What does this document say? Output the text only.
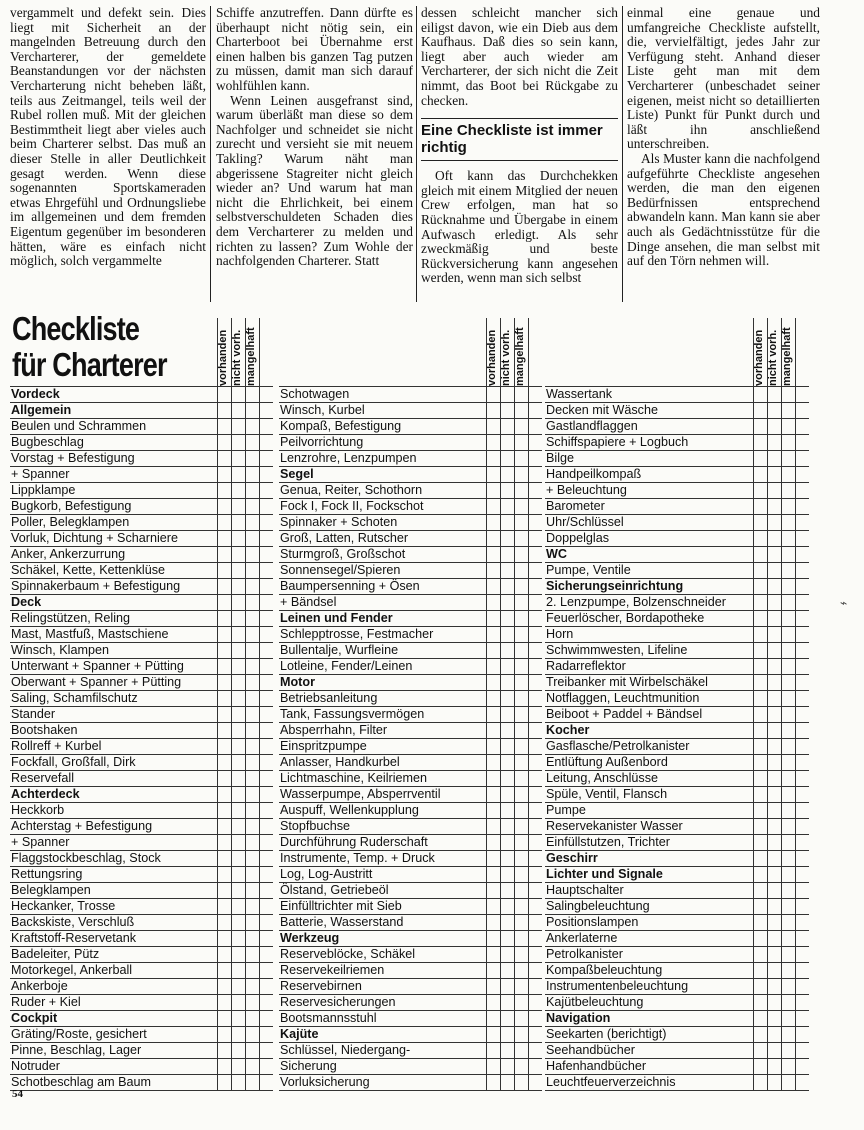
vergammelt und defekt sein. Dies liegt mit Sicherheit an der mangelnden Betreuung durch den Vercharterer, der gemeldete Beanstandungen vor der nächsten Vercharterung nicht beheben läßt, teils aus Zeitmangel, teils weil der Rubel rollen muß. Mit der gleichen Bestimmtheit liegt aber vieles auch beim Charterer selbst. Das muß an dieser Stelle in aller Deutlichkeit gesagt werden. Wenn diese sogenannten Sportskameraden etwas Ehrgefühl und Ordnungsliebe im allgemeinen und dem fremden Eigentum gegenüber im besonderen hätten, wäre es einfach nicht möglich, solch vergammelte

Schiffe anzutreffen. Dann dürfte es überhaupt nicht nötig sein, ein Charterboot bei Übernahme erst einen halben bis ganzen Tag putzen zu müssen, damit man sich darauf wohlfühlen kann.

Wenn Leinen ausgefranst sind, warum überläßt man diese so dem Nachfolger und schneidet sie nicht zurecht und versieht sie mit neuem Takling? Warum näht man abgerissene Stagreiter nicht gleich wieder an? Und warum hat man nicht die Ehrlichkeit, bei einem selbstverschuldeten Schaden dies dem Vercharterer zu melden und richten zu lassen? Zum Wohle der nachfolgenden Charterer. Statt

dessen schleicht mancher sich eiligst davon, wie ein Dieb aus dem Kaufhaus. Daß dies so sein kann, liegt aber auch wieder am Vercharterer, der sich nicht die Zeit nimmt, das Boot bei Rückgabe zu checken.

Eine Checkliste ist immer richtig

Oft kann das Durchchekken gleich mit einem Mitglied der neuen Crew erfolgen, man hat so Rücknahme und Übergabe in einem Aufwasch erledigt. Als sehr zweckmäßig und beste Rückversicherung kann angesehen werden, wenn man sich selbst

einmal eine genaue und umfangreiche Checkliste aufstellt, die, vervielfältigt, jedes Jahr zur Verfügung steht. Anhand dieser Liste geht man mit dem Vercharterer (unbeschadet seiner eigenen, meist nicht so detaillierten Liste) Punkt für Punkt durch und läßt ihn anschließend unterschreiben.

Als Muster kann die nachfolgend aufgeführte Checkliste angesehen werden, die man den eigenen Bedürfnissen entsprechend abwandeln kann. Man kann sie aber auch als Gedächtnisstütze für die Dinge ansehen, die man selbst mit auf den Törn nehmen will.

Checkliste
für Charterer	vorhanden nicht vorh. mangelhaft	vorhanden nicht vorh. mangelhaft	vorhanden nicht vorh. mangelhaft
Vordeck
Allgemein
Beulen und Schrammen
Bugbeschlag
Vorstag + Befestigung
+ Spanner
Lippklampe
Bugkorb, Befestigung
Poller, Belegklampen
Vorluk, Dichtung + Scharniere
Anker, Ankerzurrung
Schäkel, Kette, Kettenklüse
Spinnakerbaum + Befestigung
Deck
Relingstützen, Reling
Mast, Mastfuß, Mastschiene
Winsch, Klampen
Unterwant + Spanner + Pütting
Oberwant + Spanner + Pütting
Saling, Schamfilschutz
Stander
Bootshaken
Rollreff + Kurbel
Fockfall, Großfall, Dirk
Reservefall
Achterdeck
Heckkorb
Achterstag + Befestigung
+ Spanner
Flaggstockbeschlag, Stock
Rettungsring
Belegklampen
Heckanker, Trosse
Backskiste, Verschluß
Kraftstoff-Reservetank
Badeleiter, Pütz
Motorkegel, Ankerball
Ankerboje
Ruder + Kiel
Cockpit
Gräting/Roste, gesichert
Pinne, Beschlag, Lager
Notruder
Schotbeschlag am Baum
Schotwagen
Winsch, Kurbel
Kompaß, Befestigung
Peilvorrichtung
Lenzrohre, Lenzpumpen
Segel
Genua, Reiter, Schothorn
Fock I, Fock II, Fockschot
Spinnaker + Schoten
Groß, Latten, Rutscher
Sturmgroß, Großschot
Sonnensegel/Spieren
Baumpersenning + Ösen
+ Bändsel
Leinen und Fender
Schlepptrosse, Festmacher
Bullentalje, Wurfleine
Lotleine, Fender/Leinen
Motor
Betriebsanleitung
Tank, Fassungsvermögen
Absperrhahn, Filter
Einspritzpumpe
Anlasser, Handkurbel
Lichtmaschine, Keilriemen
Wasserpumpe, Absperrventil
Auspuff, Wellenkupplung
Stopfbuchse
Durchführung Ruderschaft
Instrumente, Temp. + Druck
Log, Log-Austritt
Ölstand, Getriebeöl
Einfülltrichter mit Sieb
Batterie, Wasserstand
Werkzeug
Reserveblöcke, Schäkel
Reservekeilriemen
Reservebirnen
Reservesicherungen
Bootsmannsstuhl
Kajüte
Schlüssel, Niedergang-
Sicherung
Vorluksicherung
Wassertank
Decken mit Wäsche
Gastlandflaggen
Schiffspapiere + Logbuch
Bilge
Handpeilkompaß
+ Beleuchtung
Barometer
Uhr/Schlüssel
Doppelglas
WC
Pumpe, Ventile
Sicherungseinrichtung
2. Lenzpumpe, Bolzenschneider
Feuerlöscher, Bordapotheke
Horn
Schwimmwesten, Lifeline
Radarreflektor
Treibanker mit Wirbelschäkel
Notflaggen, Leuchtmunition
Beiboot + Paddel + Bändsel
Kocher
Gasflasche/Petrolkanister
Entlüftung Außenbord
Leitung, Anschlüsse
Spüle, Ventil, Flansch
Pumpe
Reservekanister Wasser
Einfüllstutzen, Trichter
Geschirr
Lichter und Signale
Hauptschalter
Salingbeleuchtung
Positionslampen
Ankerlaterne
Petrolkanister
Kompaßbeleuchtung
Instrumentenbeleuchtung
Kajütbeleuchtung
Navigation
Seekarten (berichtigt)
Seehandbücher
Hafenhandbücher
Leuchtfeuerverzeichnis
54
⌁
